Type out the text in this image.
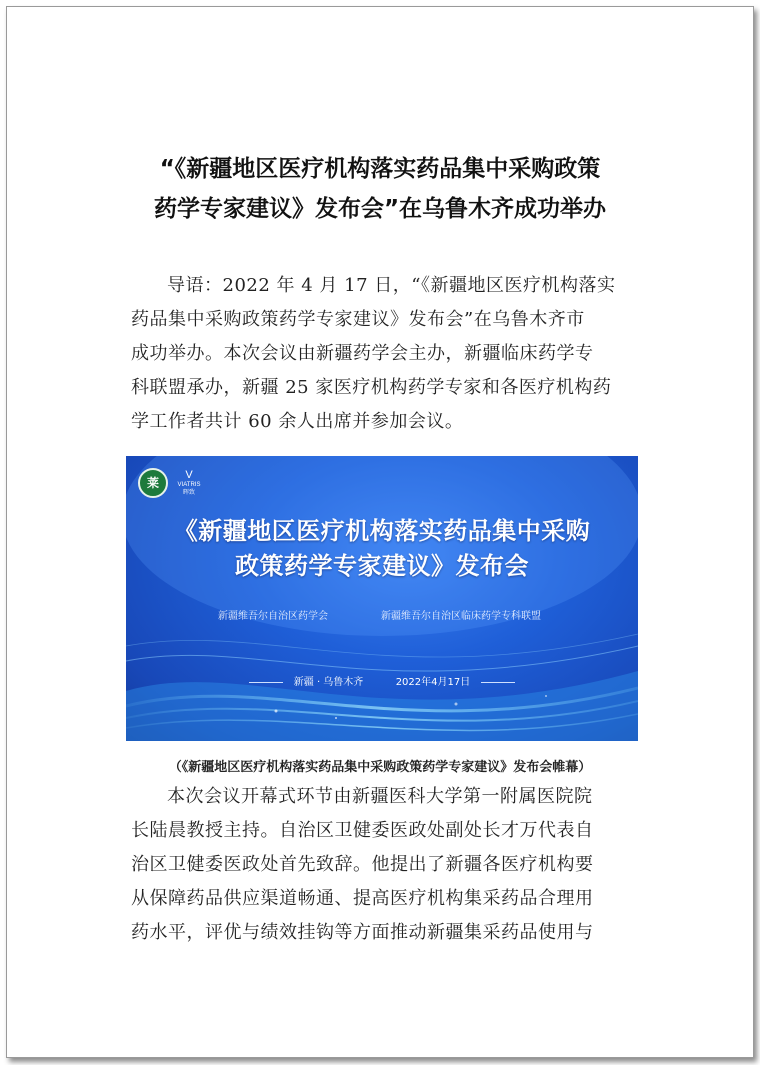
“《新疆地区医疗机构落实药品集中采购政策
药学专家建议》发布会”在乌鲁木齐成功举办
导语：2022 年 4 月 17 日，“《新疆地区医疗机构落实
药品集中采购政策药学专家建议》发布会”在乌鲁木齐市
成功举办。本次会议由新疆药学会主办，新疆临床药学专
科联盟承办，新疆 25 家医疗机构药学专家和各医疗机构药
学工作者共计 60 余人出席并参加会议。
莱
V
VIATRIS
晖致
《新疆地区医疗机构落实药品集中采购
政策药学专家建议》发布会
新疆维吾尔自治区药学会	新疆维吾尔自治区临床药学专科联盟
新疆 · 乌鲁木齐	2022年4月17日
（《新疆地区医疗机构落实药品集中采购政策药学专家建议》发布会帷幕）
本次会议开幕式环节由新疆医科大学第一附属医院院
长陆晨教授主持。自治区卫健委医政处副处长才万代表自
治区卫健委医政处首先致辞。他提出了新疆各医疗机构要
从保障药品供应渠道畅通、提高医疗机构集采药品合理用
药水平，评优与绩效挂钩等方面推动新疆集采药品使用与
